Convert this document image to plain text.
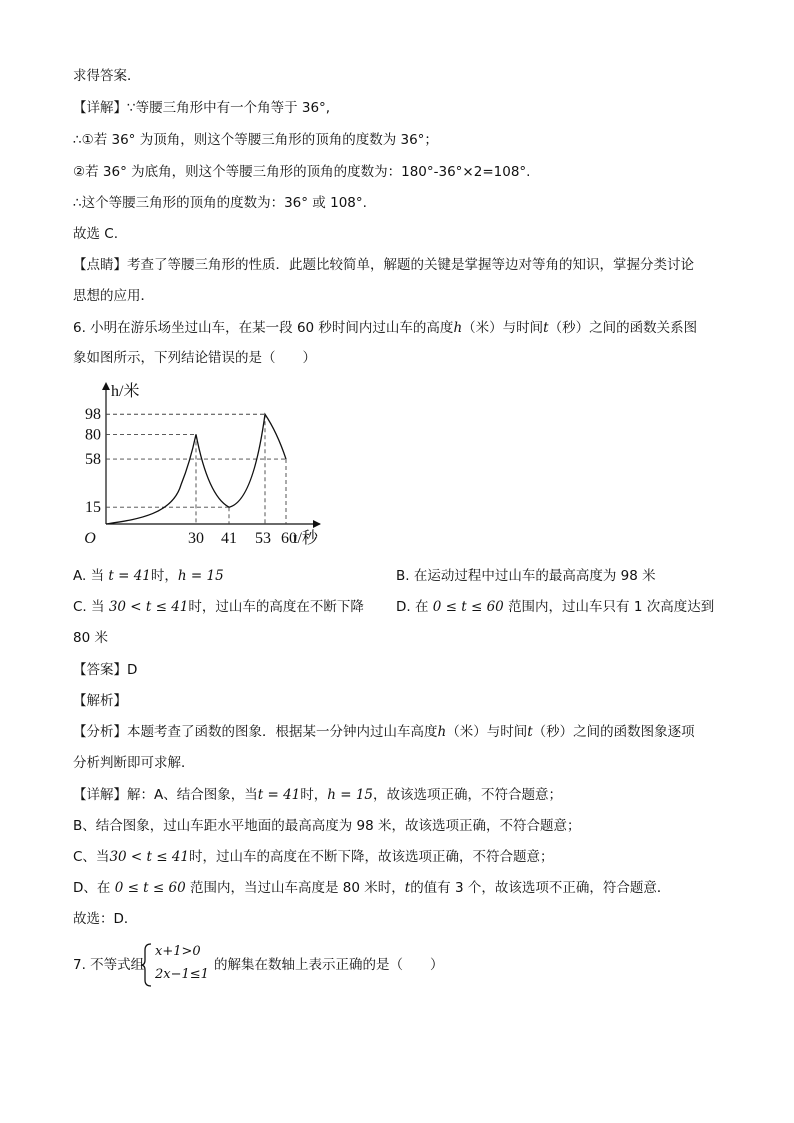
求得答案．
【详解】∵等腰三角形中有一个角等于 36°,
∴①若 36° 为顶角，则这个等腰三角形的顶角的度数为 36°；
②若 36° 为底角，则这个等腰三角形的顶角的度数为：180°-36°×2=108°.
∴这个等腰三角形的顶角的度数为：36° 或 108°.
故选 C.
【点睛】考查了等腰三角形的性质．此题比较简单，解题的关键是掌握等边对等角的知识，掌握分类讨论
思想的应用．
6. 小明在游乐场坐过山车，在某一段 60 秒时间内过山车的高度h（米）与时间t（秒）之间的函数关系图
象如图所示，下列结论错误的是（　　）
30 41 53 60
98
80
58
15
O
h/米
t/秒
A. 当 t = 41时，h = 15	B. 在运动过程中过山车的最高高度为 98 米
C. 当 30 < t ≤ 41时，过山车的高度在不断下降 D. 在 0 ≤ t ≤ 60 范围内，过山车只有 1 次高度达到
80 米
【答案】D
【解析】
【分析】本题考查了函数的图象．根据某一分钟内过山车高度h（米）与时间t（秒）之间的函数图象逐项
分析判断即可求解．
【详解】解：A、结合图象，当t = 41时，h = 15，故该选项正确，不符合题意；
B、结合图象，过山车距水平地面的最高高度为 98 米，故该选项正确，不符合题意；
C、当30 < t ≤ 41时，过山车的高度在不断下降，故该选项正确，不符合题意；
D、在 0 ≤ t ≤ 60 范围内，当过山车高度是 80 米时，t的值有 3 个，故该选项不正确，符合题意．
故选：D．
7. 不等式组
x+1>0
2x−1≤1
的解集在数轴上表示正确的是（　　）
